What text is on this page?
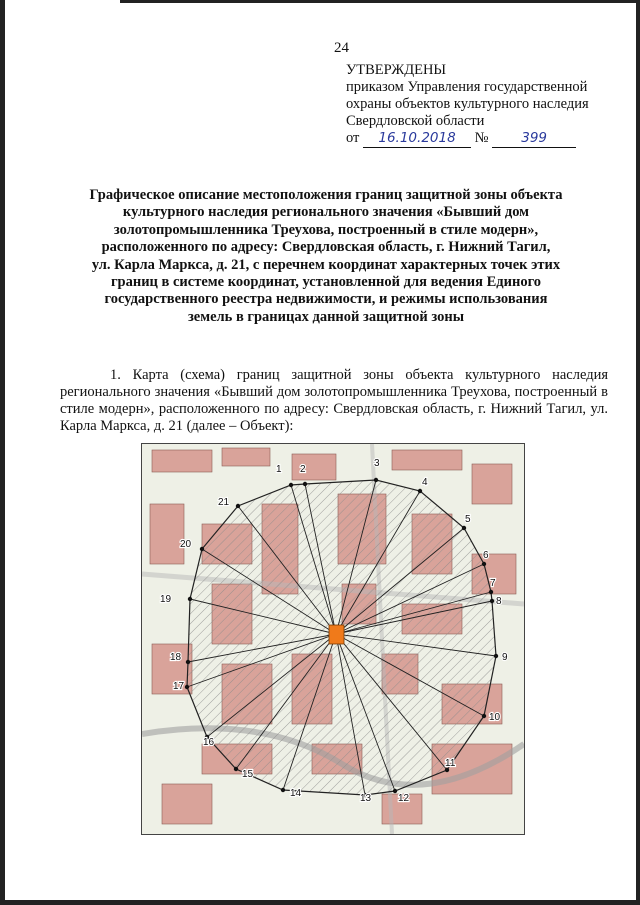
24
УТВЕРЖДЕНЫ
приказом Управления государственной
охраны объектов культурного наследия
Свердловской области
от 16.10.2018 № 399
Графическое описание местоположения границ защитной зоны объекта
культурного наследия регионального значения «Бывший дом
золотопромышленника Треухова, построенный в стиле модерн»,
расположенного по адресу: Свердловская область, г. Нижний Тагил,
ул. Карла Маркса, д. 21, с перечнем координат характерных точек этих
границ в системе координат, установленной для ведения Единого
государственного реестра недвижимости, и режимы использования
земель в границах данной защитной зоны

1. Карта (схема) границ защитной зоны объекта культурного наследия регионального значения «Бывший дом золотопромышленника Треухова, построенный в стиле модерн», расположенного по адресу: Свердловская область, г. Нижний Тагил, ул. Карла Маркса, д. 21 (далее – Объект):

1 2
3
4
5
6
7
8
9
10
11
12
13
14
15
16
17
18
19
20
21
